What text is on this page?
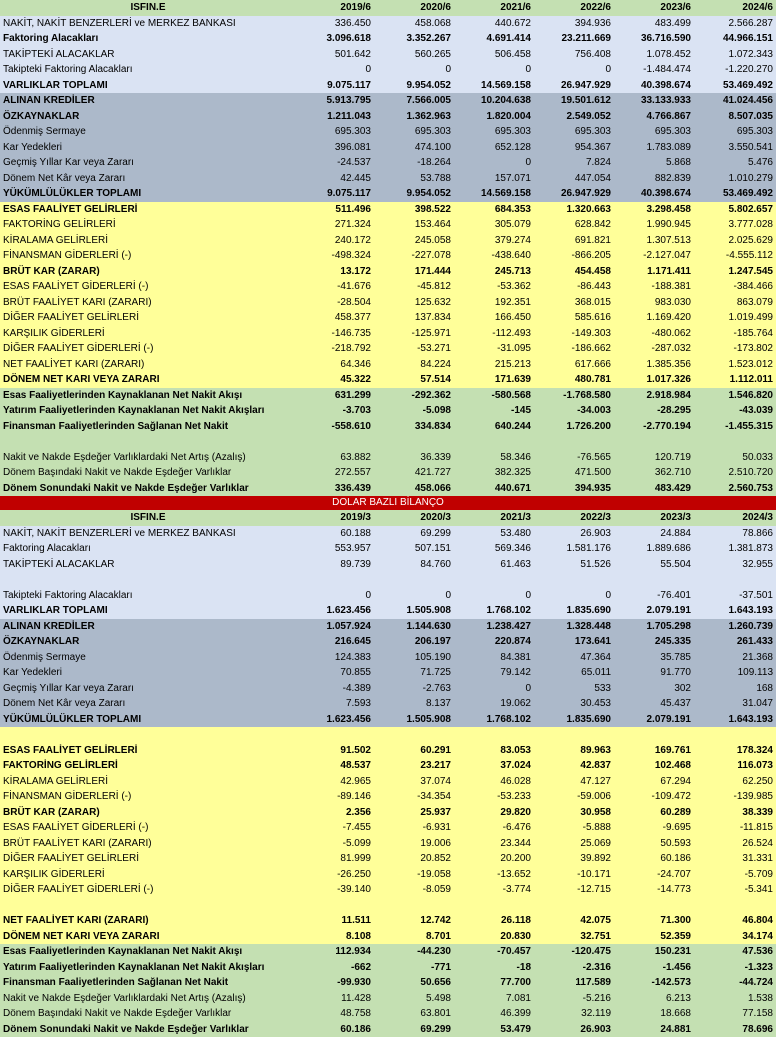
ISFIN.E	2019/6	2020/6	2021/6	2022/6	2023/6	2024/6
NAKİT, NAKİT BENZERLERİ ve MERKEZ BANKASI	336.450	458.068	440.672	394.936	483.499	2.566.287
Faktoring Alacakları	3.096.618	3.352.267	4.691.414	23.211.669	36.716.590	44.966.151
TAKİPTEKİ ALACAKLAR	501.642	560.265	506.458	756.408	1.078.452	1.072.343
Takipteki Faktoring Alacakları	0	0	0	0	-1.484.474	-1.220.270
VARLIKLAR TOPLAMI	9.075.117	9.954.052	14.569.158	26.947.929	40.398.674	53.469.492
ALINAN KREDİLER	5.913.795	7.566.005	10.204.638	19.501.612	33.133.933	41.024.456
ÖZKAYNAKLAR	1.211.043	1.362.963	1.820.004	2.549.052	4.766.867	8.507.035
Ödenmiş Sermaye	695.303	695.303	695.303	695.303	695.303	695.303
Kar Yedekleri	396.081	474.100	652.128	954.367	1.783.089	3.550.541
Geçmiş Yıllar Kar veya Zararı	-24.537	-18.264	0	7.824	5.868	5.476
Dönem Net Kâr veya Zararı	42.445	53.788	157.071	447.054	882.839	1.010.279
YÜKÜMLÜLÜKLER TOPLAMI	9.075.117	9.954.052	14.569.158	26.947.929	40.398.674	53.469.492
ESAS FAALİYET GELİRLERİ	511.496	398.522	684.353	1.320.663	3.298.458	5.802.657
FAKTORİNG GELİRLERİ	271.324	153.464	305.079	628.842	1.990.945	3.777.028
KİRALAMA GELİRLERİ	240.172	245.058	379.274	691.821	1.307.513	2.025.629
FİNANSMAN GİDERLERİ (-)	-498.324	-227.078	-438.640	-866.205	-2.127.047	-4.555.112
BRÜT KAR (ZARAR)	13.172	171.444	245.713	454.458	1.171.411	1.247.545
ESAS FAALİYET GİDERLERİ (-)	-41.676	-45.812	-53.362	-86.443	-188.381	-384.466
BRÜT FAALİYET KARI (ZARARI)	-28.504	125.632	192.351	368.015	983.030	863.079
DİĞER FAALİYET GELİRLERİ	458.377	137.834	166.450	585.616	1.169.420	1.019.499
KARŞILIK GİDERLERİ	-146.735	-125.971	-112.493	-149.303	-480.062	-185.764
DİĞER FAALİYET GİDERLERİ (-)	-218.792	-53.271	-31.095	-186.662	-287.032	-173.802
NET FAALİYET KARI (ZARARI)	64.346	84.224	215.213	617.666	1.385.356	1.523.012
DÖNEM NET KARI VEYA ZARARI	45.322	57.514	171.639	480.781	1.017.326	1.112.011
Esas Faaliyetlerinden Kaynaklanan Net Nakit Akışı	631.299	-292.362	-580.568	-1.768.580	2.918.984	1.546.820
Yatırım Faaliyetlerinden Kaynaklanan Net Nakit Akışları	-3.703	-5.098	-145	-34.003	-28.295	-43.039
Finansman Faaliyetlerinden Sağlanan Net Nakit	-558.610	334.834	640.244	1.726.200	-2.770.194	-1.455.315

Nakit ve Nakde Eşdeğer Varlıklardaki Net Artış (Azalış)	63.882	36.339	58.346	-76.565	120.719	50.033
Dönem Başındaki Nakit ve Nakde Eşdeğer Varlıklar	272.557	421.727	382.325	471.500	362.710	2.510.720
Dönem Sonundaki Nakit ve Nakde Eşdeğer Varlıklar	336.439	458.066	440.671	394.935	483.429	2.560.753
DOLAR BAZLI BİLANÇO						
ISFIN.E	2019/3	2020/3	2021/3	2022/3	2023/3	2024/3
NAKİT, NAKİT BENZERLERİ ve MERKEZ BANKASI	60.188	69.299	53.480	26.903	24.884	78.866
Faktoring Alacakları	553.957	507.151	569.346	1.581.176	1.889.686	1.381.873
TAKİPTEKİ ALACAKLAR	89.739	84.760	61.463	51.526	55.504	32.955

Takipteki Faktoring Alacakları	0	0	0	0	-76.401	-37.501
VARLIKLAR TOPLAMI	1.623.456	1.505.908	1.768.102	1.835.690	2.079.191	1.643.193
ALINAN KREDİLER	1.057.924	1.144.630	1.238.427	1.328.448	1.705.298	1.260.739
ÖZKAYNAKLAR	216.645	206.197	220.874	173.641	245.335	261.433
Ödenmiş Sermaye	124.383	105.190	84.381	47.364	35.785	21.368
Kar Yedekleri	70.855	71.725	79.142	65.011	91.770	109.113
Geçmiş Yıllar Kar veya Zararı	-4.389	-2.763	0	533	302	168
Dönem Net Kâr veya Zararı	7.593	8.137	19.062	30.453	45.437	31.047
YÜKÜMLÜLÜKLER TOPLAMI	1.623.456	1.505.908	1.768.102	1.835.690	2.079.191	1.643.193

ESAS FAALİYET GELİRLERİ	91.502	60.291	83.053	89.963	169.761	178.324
FAKTORİNG GELİRLERİ	48.537	23.217	37.024	42.837	102.468	116.073
KİRALAMA GELİRLERİ	42.965	37.074	46.028	47.127	67.294	62.250
FİNANSMAN GİDERLERİ (-)	-89.146	-34.354	-53.233	-59.006	-109.472	-139.985
BRÜT KAR (ZARAR)	2.356	25.937	29.820	30.958	60.289	38.339
ESAS FAALİYET GİDERLERİ (-)	-7.455	-6.931	-6.476	-5.888	-9.695	-11.815
BRÜT FAALİYET KARI (ZARARI)	-5.099	19.006	23.344	25.069	50.593	26.524
DİĞER FAALİYET GELİRLERİ	81.999	20.852	20.200	39.892	60.186	31.331
KARŞILIK GİDERLERİ	-26.250	-19.058	-13.652	-10.171	-24.707	-5.709
DİĞER FAALİYET GİDERLERİ (-)	-39.140	-8.059	-3.774	-12.715	-14.773	-5.341

NET FAALİYET KARI (ZARARI)	11.511	12.742	26.118	42.075	71.300	46.804
DÖNEM NET KARI VEYA ZARARI	8.108	8.701	20.830	32.751	52.359	34.174
Esas Faaliyetlerinden Kaynaklanan Net Nakit Akışı	112.934	-44.230	-70.457	-120.475	150.231	47.536
Yatırım Faaliyetlerinden Kaynaklanan Net Nakit Akışları	-662	-771	-18	-2.316	-1.456	-1.323
Finansman Faaliyetlerinden Sağlanan Net Nakit	-99.930	50.656	77.700	117.589	-142.573	-44.724
Nakit ve Nakde Eşdeğer Varlıklardaki Net Artış (Azalış)	11.428	5.498	7.081	-5.216	6.213	1.538
Dönem Başındaki Nakit ve Nakde Eşdeğer Varlıklar	48.758	63.801	46.399	32.119	18.668	77.158
Dönem Sonundaki Nakit ve Nakde Eşdeğer Varlıklar	60.186	69.299	53.479	26.903	24.881	78.696
